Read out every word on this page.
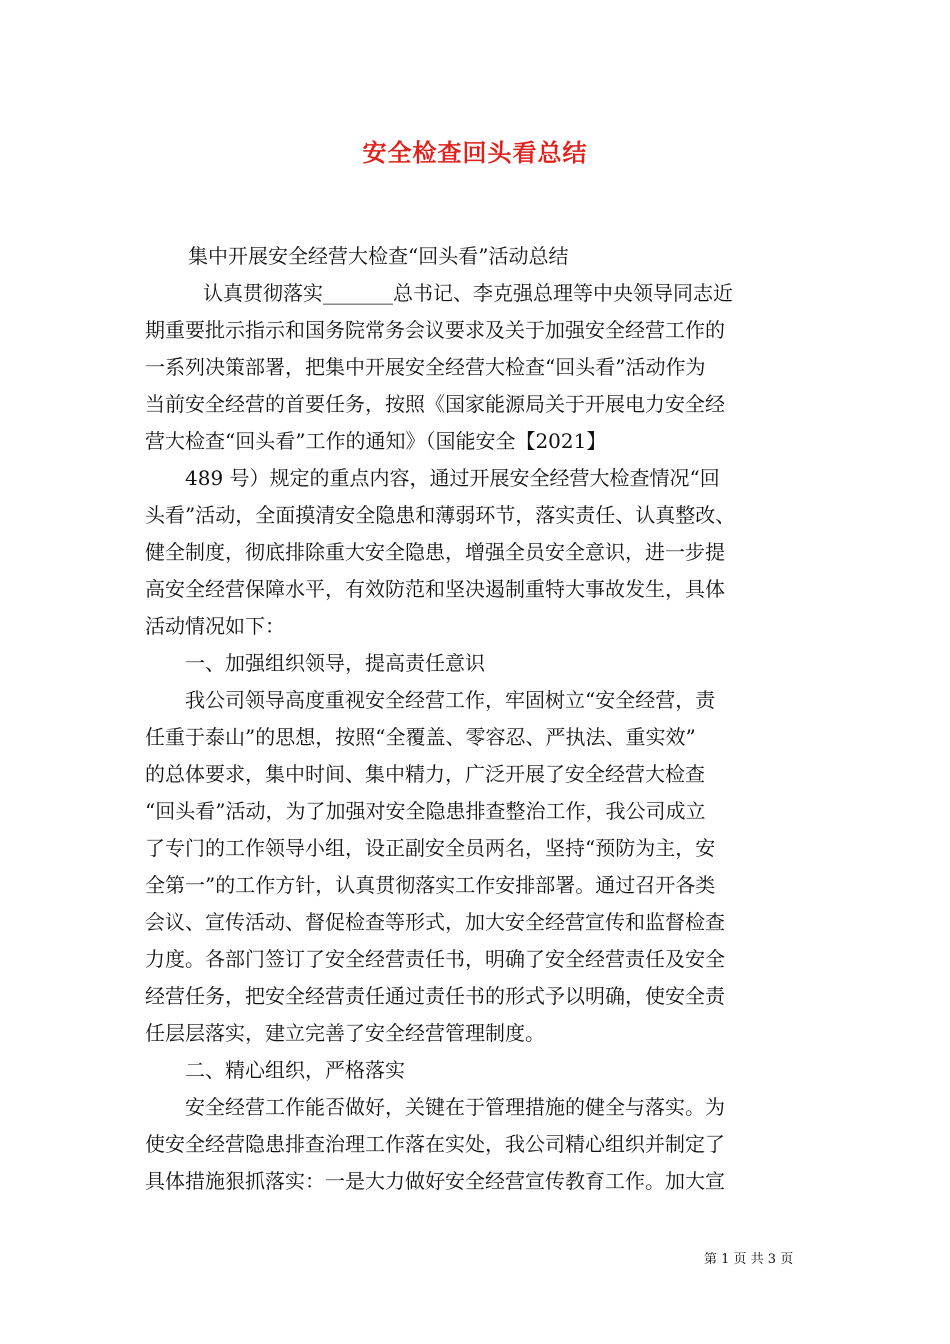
安全检查回头看总结
集中开展安全经营大检查“回头看”活动总结
认真贯彻落实_______总书记、李克强总理等中央领导同志近
期重要批示指示和国务院常务会议要求及关于加强安全经营工作的
一系列决策部署，把集中开展安全经营大检查“回头看”活动作为
当前安全经营的首要任务，按照《国家能源局关于开展电力安全经
营大检查“回头看”工作的通知》（国能安全【2021】
489 号）规定的重点内容，通过开展安全经营大检查情况“回
头看”活动，全面摸清安全隐患和薄弱环节，落实责任、认真整改、
健全制度，彻底排除重大安全隐患，增强全员安全意识，进一步提
高安全经营保障水平，有效防范和坚决遏制重特大事故发生，具体
活动情况如下：
一、加强组织领导，提高责任意识
我公司领导高度重视安全经营工作，牢固树立“安全经营，责
任重于泰山”的思想，按照“全覆盖、零容忍、严执法、重实效”
的总体要求，集中时间、集中精力，广泛开展了安全经营大检查
“回头看”活动，为了加强对安全隐患排查整治工作，我公司成立
了专门的工作领导小组，设正副安全员两名，坚持“预防为主，安
全第一”的工作方针，认真贯彻落实工作安排部署。通过召开各类
会议、宣传活动、督促检查等形式，加大安全经营宣传和监督检查
力度。各部门签订了安全经营责任书，明确了安全经营责任及安全
经营任务，把安全经营责任通过责任书的形式予以明确，使安全责
任层层落实，建立完善了安全经营管理制度。
二、精心组织，严格落实
安全经营工作能否做好，关键在于管理措施的健全与落实。为
使安全经营隐患排查治理工作落在实处，我公司精心组织并制定了
具体措施狠抓落实：一是大力做好安全经营宣传教育工作。加大宣
第 1 页 共 3 页
